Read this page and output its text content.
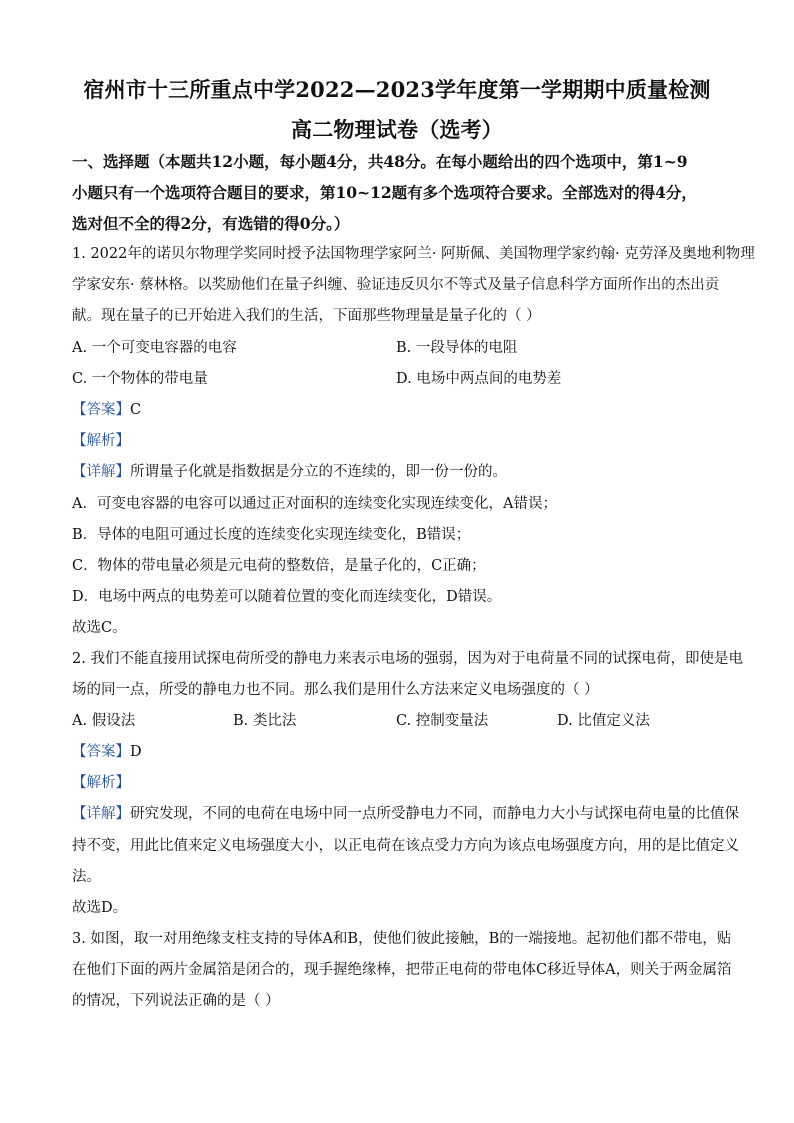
宿州市十三所重点中学2022—2023学年度第一学期期中质量检测
高二物理试卷（选考）
一、选择题（本题共12小题，每小题4分，共48分。在每小题给出的四个选项中，第1~9
小题只有一个选项符合题目的要求，第10~12题有多个选项符合要求。全部选对的得4分，
选对但不全的得2分，有选错的得0分。）
1. 2022年的诺贝尔物理学奖同时授予法国物理学家阿兰· 阿斯佩、美国物理学家约翰· 克劳泽及奥地利物理
学家安东· 蔡林格。以奖励他们在量子纠缠、验证违反贝尔不等式及量子信息科学方面所作出的杰出贡
献。现在量子的已开始进入我们的生活，下面那些物理量是量子化的（ ）
A. 一个可变电容器的电容	B. 一段导体的电阻
C. 一个物体的带电量	D. 电场中两点间的电势差
【答案】C
【解析】
【详解】所谓量子化就是指数据是分立的不连续的，即一份一份的。
A．可变电容器的电容可以通过正对面积的连续变化实现连续变化，A错误；
B．导体的电阻可通过长度的连续变化实现连续变化，B错误；
C．物体的带电量必须是元电荷的整数倍，是量子化的，C正确；
D．电场中两点的电势差可以随着位置的变化而连续变化，D错误。
故选C。
2. 我们不能直接用试探电荷所受的静电力来表示电场的强弱，因为对于电荷量不同的试探电荷，即使是电
场的同一点，所受的静电力也不同。那么我们是用什么方法来定义电场强度的（ ）
A. 假设法	B. 类比法	C. 控制变量法	D. 比值定义法
【答案】D
【解析】
【详解】研究发现，不同的电荷在电场中同一点所受静电力不同，而静电力大小与试探电荷电量的比值保
持不变，用此比值来定义电场强度大小，以正电荷在该点受力方向为该点电场强度方向，用的是比值定义
法。
故选D。
3. 如图，取一对用绝缘支柱支持的导体A和B，使他们彼此接触，B的一端接地。起初他们都不带电，贴
在他们下面的两片金属箔是闭合的，现手握绝缘棒，把带正电荷的带电体C移近导体A，则关于两金属箔
的情况，下列说法正确的是（ ）
